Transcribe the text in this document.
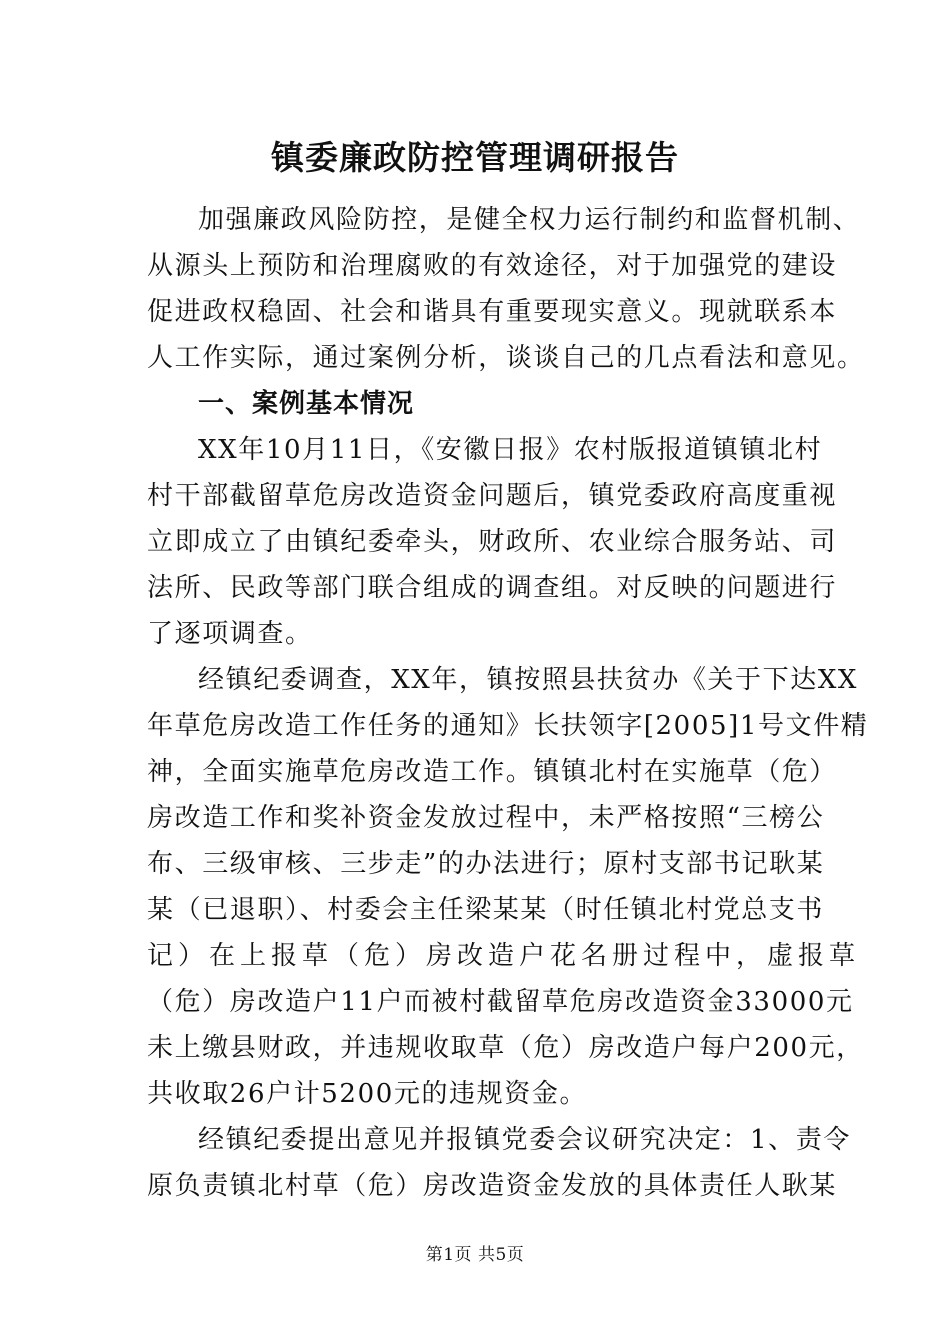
镇委廉政防控管理调研报告
加强廉政风险防控，是健全权力运行制约和监督机制、
从源头上预防和治理腐败的有效途径，对于加强党的建设
促进政权稳固、社会和谐具有重要现实意义。现就联系本
人工作实际，通过案例分析，谈谈自己的几点看法和意见。
一、案例基本情况
XX年10月11日，《安徽日报》农村版报道镇镇北村
村干部截留草危房改造资金问题后，镇党委政府高度重视
立即成立了由镇纪委牵头，财政所、农业综合服务站、司
法所、民政等部门联合组成的调查组。对反映的问题进行
了逐项调查。
经镇纪委调查，XX年，镇按照县扶贫办《关于下达XX
年草危房改造工作任务的通知》长扶领字[2005]1号文件精
神，全面实施草危房改造工作。镇镇北村在实施草（危）
房改造工作和奖补资金发放过程中，未严格按照“三榜公
布、三级审核、三步走”的办法进行；原村支部书记耿某
某（已退职）、村委会主任梁某某（时任镇北村党总支书
记）在上报草（危）房改造户花名册过程中，虚报草
（危）房改造户11户而被村截留草危房改造资金33000元
未上缴县财政，并违规收取草（危）房改造户每户200元，
共收取26户计5200元的违规资金。
经镇纪委提出意见并报镇党委会议研究决定：1、责令
原负责镇北村草（危）房改造资金发放的具体责任人耿某
第1页 共5页
